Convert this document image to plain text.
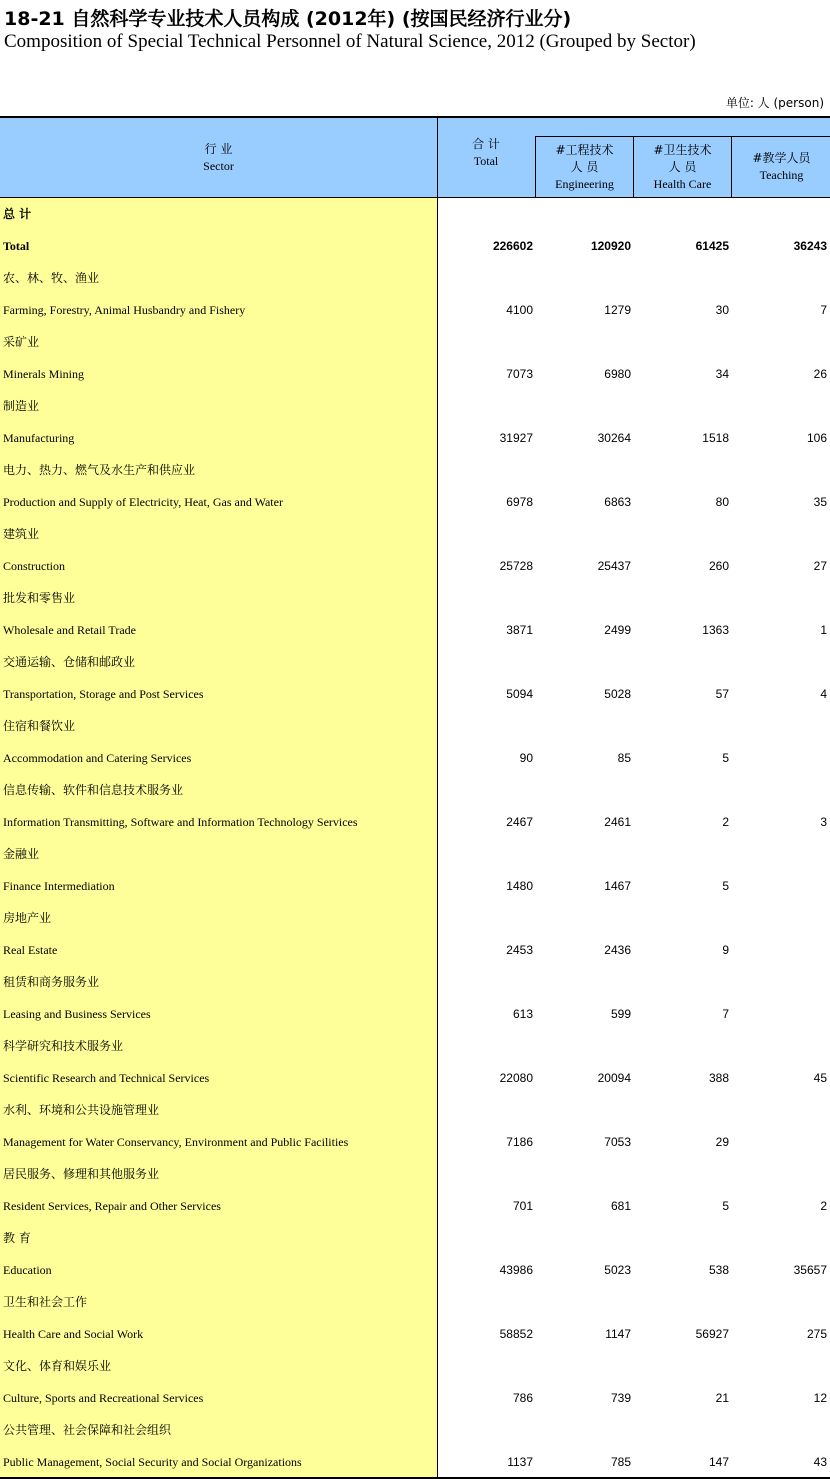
18-21 自然科学专业技术人员构成 (2012年) (按国民经济行业分)
Composition of Special Technical Personnel of Natural Science, 2012 (Grouped by Sector)
单位: 人 (person)
行 业
Sector
合 计
Total
#工程技术
人 员
Engineering
#卫生技术
人 员
Health Care
#教学人员
Teaching
总 计
Total	226602	120920	61425	36243
农、林、牧、渔业
Farming, Forestry, Animal Husbandry and Fishery	4100	1279	30	7
采矿业
Minerals Mining	7073	6980	34	26
制造业
Manufacturing	31927	30264	1518	106
电力、热力、燃气及水生产和供应业
Production and Supply of Electricity, Heat, Gas and Water	6978	6863	80	35
建筑业
Construction	25728	25437	260	27
批发和零售业
Wholesale and Retail Trade	3871	2499	1363	1
交通运输、仓储和邮政业
Transportation, Storage and Post Services	5094	5028	57	4
住宿和餐饮业
Accommodation and Catering Services	90	85	5
信息传输、软件和信息技术服务业
Information Transmitting, Software and Information Technology Services	2467	2461	2	3
金融业
Finance Intermediation	1480	1467	5
房地产业
Real Estate	2453	2436	9
租赁和商务服务业
Leasing and Business Services	613	599	7
科学研究和技术服务业
Scientific Research and Technical Services	22080	20094	388	45
水利、环境和公共设施管理业
Management for Water Conservancy, Environment and Public Facilities	7186	7053	29
居民服务、修理和其他服务业
Resident Services, Repair and Other Services	701	681	5	2
教 育
Education	43986	5023	538	35657
卫生和社会工作
Health Care and Social Work	58852	1147	56927	275
文化、体育和娱乐业
Culture, Sports and Recreational Services	786	739	21	12
公共管理、社会保障和社会组织
Public Management, Social Security and Social Organizations	1137	785	147	43
